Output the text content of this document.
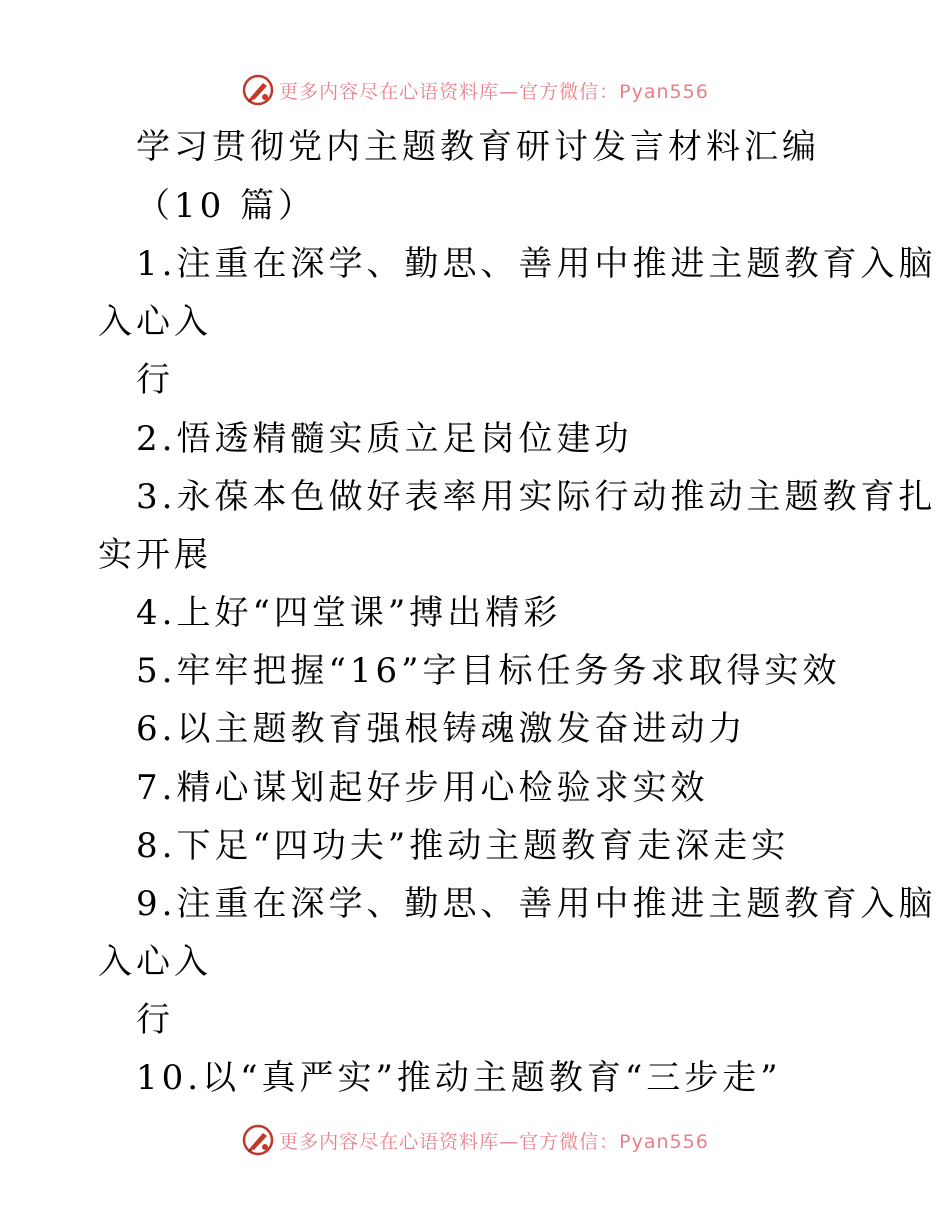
更多内容尽在心语资料库—官方微信：Pyan556
学习贯彻党内主题教育研讨发言材料汇编
（10 篇）
1.注重在深学、勤思、善用中推进主题教育入脑
入心入
行
2.悟透精髓实质立足岗位建功
3.永葆本色做好表率用实际行动推动主题教育扎
实开展
4.上好“四堂课”搏出精彩
5.牢牢把握“16”字目标任务务求取得实效
6.以主题教育强根铸魂激发奋进动力
7.精心谋划起好步用心检验求实效
8.下足“四功夫”推动主题教育走深走实
9.注重在深学、勤思、善用中推进主题教育入脑
入心入
行
10.以“真严实”推动主题教育“三步走”
更多内容尽在心语资料库—官方微信：Pyan556
